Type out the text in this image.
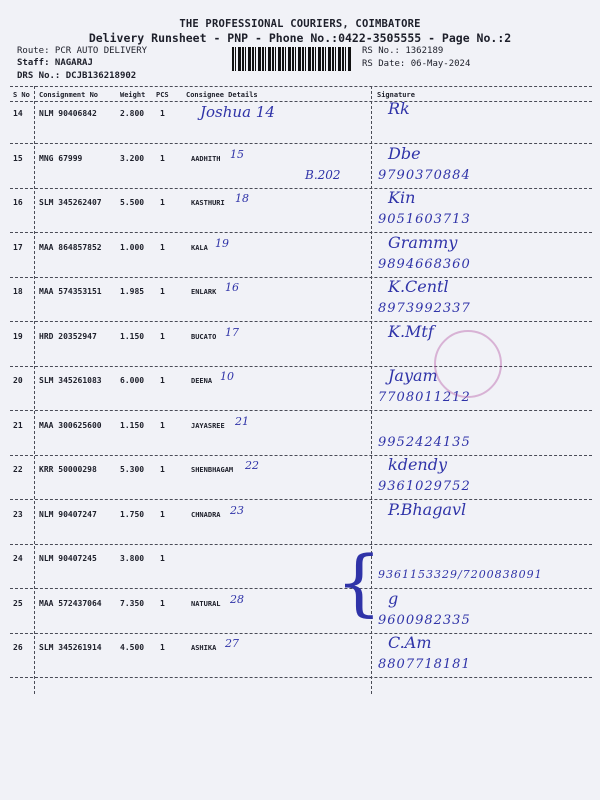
THE PROFESSIONAL COURIERS, COIMBATORE
Delivery Runsheet - PNP - Phone No.:0422-3505555 - Page No.:2
Route: PCR AUTO DELIVERY
Staff: NAGARAJ
DRS No.: DCJB136218902
RS No.: 1362189
RS Date: 06-May-2024
S No Consignment No	Weight PCS Consignee Details	Signature
14 NLM 90406842	2.800 1 Joshua 14	Rk
15 MNG 67999	3.200 1	AADHITH 15	Dbe
9790370884
16 SLM 345262407 5.500 1	KASTHURI 18	Kin
9051603713
17 MAA 864857852 1.000 1	KALA 19	Grammy
9894668360
18 MAA 574353151 1.985 1	ENLARK 16	K.Centl
8973992337
19 HRD 20352947	1.150 1	BUCATO 17	K.Mtf
20 SLM 345261083 6.000 1	DEENA 10	Jayam
7708011212
21 MAA 300625600 1.150 1	JAYASREE 21
9952424135
22 KRR 50000298	5.300 1	SHENBHAGAM 22	kdendy
9361029752
23 NLM 90407247	1.750 1	CHNADRA 23	P.Bhagavl
24 NLM 90407245	3.800 1
9361153329/7200838091
25 MAA 572437064 7.350 1	NATURAL 28	g
9600982335
26 SLM 345261914 4.500 1	ASHIKA 27	C.Am
8807718181
{
B.202
